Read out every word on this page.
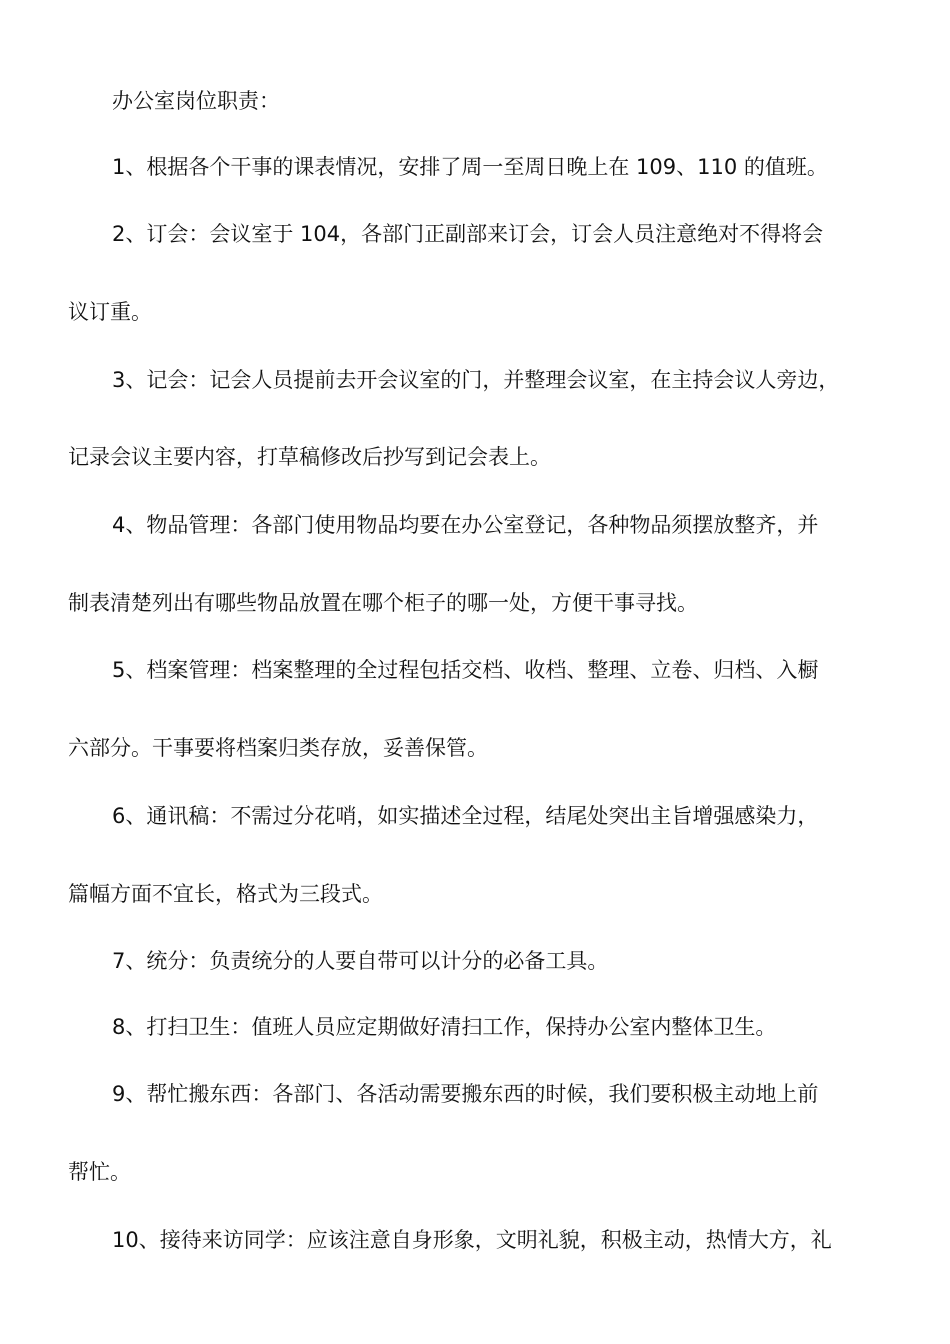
办公室岗位职责：
1、根据各个干事的课表情况，安排了周一至周日晚上在 109、110 的值班。
2、订会：会议室于 104，各部门正副部来订会，订会人员注意绝对不得将会
议订重。
3、记会：记会人员提前去开会议室的门，并整理会议室，在主持会议人旁边，
记录会议主要内容，打草稿修改后抄写到记会表上。
4、物品管理：各部门使用物品均要在办公室登记，各种物品须摆放整齐，并
制表清楚列出有哪些物品放置在哪个柜子的哪一处，方便干事寻找。
5、档案管理：档案整理的全过程包括交档、收档、整理、立卷、归档、入橱
六部分。干事要将档案归类存放，妥善保管。
6、通讯稿：不需过分花哨，如实描述全过程，结尾处突出主旨增强感染力，
篇幅方面不宜长，格式为三段式。
7、统分：负责统分的人要自带可以计分的必备工具。
8、打扫卫生：值班人员应定期做好清扫工作，保持办公室内整体卫生。
9、帮忙搬东西：各部门、各活动需要搬东西的时候，我们要积极主动地上前
帮忙。
10、接待来访同学：应该注意自身形象，文明礼貌，积极主动，热情大方，礼
